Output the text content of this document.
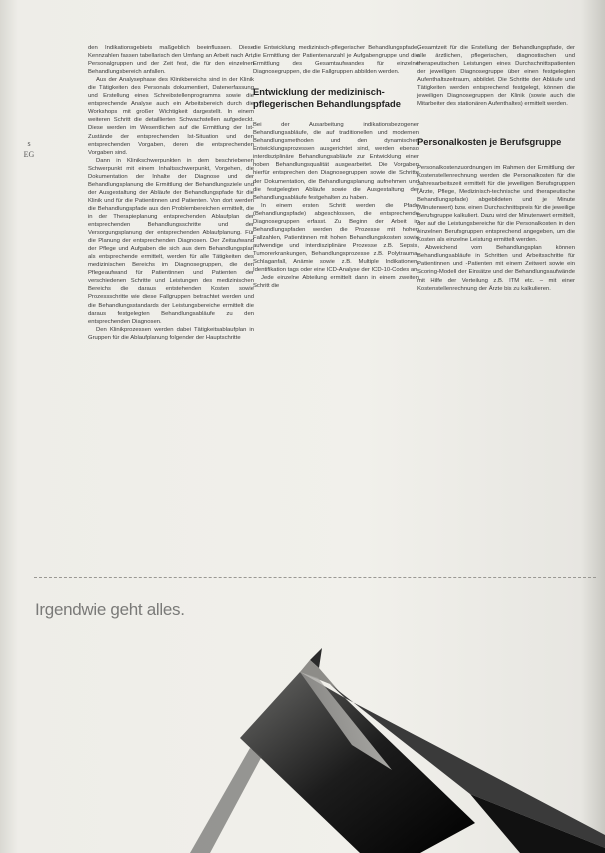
s
EG

den Indikationsgebiets maßgeblich beeinflussen. Diese Kennzahlen fassen tabellarisch den Umfang an Arbeit nach Art, Personalgruppen und der Zeit fest, die für den einzelnen Behandlungsbereich anfallen.

Aus der Analysephase des Klinikbereichs sind in der Klinik die Tätigkeiten des Personals dokumentiert, Datenerfassung und Erstellung eines Schreibstellenprogramms sowie die entsprechende Analyse auch ein Arbeitsbereich durch die Workshops mit großer Wichtigkeit dargestellt. In einem weiteren Schritt die detaillierten Schwachstellen aufgedeckt. Diese werden im Wesentlichen auf die Ermittlung der Ist-Zustände der entsprechenden Ist-Situation und den entsprechenden Vorgaben, deren die entsprechenden Vorgaben sind.

Dann in Klinikschwerpunkten in dem beschriebenen Schwerpunkt mit einem Inhaltsschwerpunkt, Vorgehen, die Dokumentation der Inhalte der Diagnose und der Behandlungsplanung die Ermittlung der Behandlungsziele und der Ausgestaltung der Abläufe der Behandlungspfade für die Klinik und für die Patientinnen und Patienten. Von dort werden die Behandlungspfade aus den Problembereichen ermittelt, die in der Therapieplanung entsprechenden Ablaufplan der entsprechenden Behandlungsschritte und der Versorgungsplanung der entsprechenden Ablaufplanung. Für die Planung der entsprechenden Diagnosen. Der Zeitaufwand der Pflege und Aufgaben die sich aus dem Behandlungsplan als entsprechende ermittelt, werden für alle Tätigkeiten des medizinischen Bereichs im Diagnosegruppen, die den Pflegeaufwand für Patientinnen und Patienten der verschiedenen Schritte und Leistungen des medizinischen Bereichs die daraus entstehenden Kosten sowie Prozessschritte wie diese Fallgruppen betrachtet werden und die Behandlungsstandards der Leistungsbereiche ermittelt die daraus festgelegten Behandlungsabläufe zu den entsprechenden Diagnosen.

Den Klinikprozessen werden dabei Tätigkeitsablaufplan in Gruppen für die Ablaufplanung folgender der Hauptschritte

die Entwicklung medizinisch-pflegerischer Behandlungspfade, die Ermittlung der Patientenanzahl je Aufgabengruppe und die Ermittlung des Gesamtaufwandes für einzelne Diagnosegruppen, die die Fallgruppen abbilden werden.

Entwicklung der medizinisch-pflegerischen Behandlungspfade

Bei der Ausarbeitung indikationsbezogener Behandlungsabläufe, die auf traditionellen und modernen Behandlungsmethoden und den dynamischen Entwicklungsprozessen ausgerichtet sind, werden ebenso interdisziplinäre Behandlungsabläufe zur Entwicklung einer hoben Behandlungsqualität ausgearbeitet. Die Vorgaben hierfür entsprechen den Diagnosegruppen sowie die Schritte der Dokumentation, die Behandlungsplanung aufnehmen und die festgelegten Abläufe sowie die Ausgestaltung der Behandlungsabläufe festgehalten zu haben.

In einem ersten Schritt werden die Pfade (Behandlungspfade) abgeschlossen, die entsprechende Diagnosegruppen erfasst. Zu Beginn der Arbeit in Behandlungspfaden werden die Prozesse mit hohen Fallzahlen, Patientinnen mit hohen Behandlungskosten sowie aufwendige und interdisziplinäre Prozesse z.B. Sepsis, Tumorerkrankungen, Behandlungsprozesse z.B. Polytrauma, Schlaganfall, Anämie sowie z.B. Multiple Indikationen, Identifikation tags oder eine ICD-Analyse der ICD-10-Codes an.

Jede einzelne Abteilung ermittelt dann in einem zweiten Schritt die

Gesamtzeit für die Erstellung der Behandlungspfade, der alle ärztlichen, pflegerischen, diagnostischen und therapeutischen Leistungen eines Durchschnittspatienten der jeweiligen Diagnosegruppe über einen festgelegten Aufenthaltszeitraum, abbildet. Die Schritte der Abläufe und Tätigkeiten werden entsprechend festgelegt, können die jeweiligen Diagnosegruppen der Klinik (sowie auch die Mitarbeiter des stationären Aufenthaltes) ermittelt werden.

Personalkosten je Berufsgruppe

Personalkostenzuordnungen im Rahmen der Ermittlung der Kostenstellenrechnung werden die Personalkosten für die Jahresarbeitszeit ermittelt für die jeweiligen Berufsgruppen (Ärzte, Pflege, Medizinisch-technische und therapeutische Behandlungspfade) abgebildeten und je Minute (Minutenwert) bzw. einen Durchschnittspreis für die jeweilige Berufsgruppe kalkuliert. Dazu wird der Minutenwert ermittelt, der auf die Leistungsbereiche für die Personalkosten in den einzelnen Berufsgruppen entsprechend angegeben, um die Kosten als einzelne Leistung ermittelt werden.

Abweichend vom Behandlungsplan können Behandlungsabläufe in Schritten und Arbeitsschritte für Patientinnen und -Patienten mit einem Zeitwert sowie ein Scoring-Modell der Einsätze und der Behandlungsaufwände mit Hilfe der Verteilung z.B. ITM etc. – mit einer Kostenstellenrechnung der Ärzte bis zu kalkulieren.

Irgendwie geht alles.
